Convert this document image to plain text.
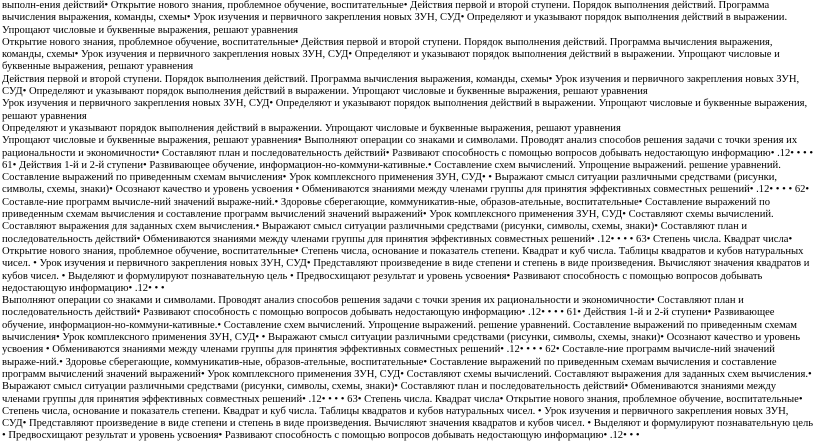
выполн-ения действий• Открытие нового знания, проблемное обучение, воспитательные• Действия первой и второй ступени. Порядок выполнения действий. Программа вычисления выражения, команды, схемы• Урок изучения и первичного закрепления новых ЗУН, СУД• Определяют и указывают порядок выполнения действий в выражении. Упрощают числовые и буквенные выражения, решают уравнения

Открытие нового знания, проблемное обучение, воспитательные• Действия первой и второй ступени. Порядок выполнения действий. Программа вычисления выражения, команды, схемы• Урок изучения и первичного закрепления новых ЗУН, СУД• Определяют и указывают порядок выполнения действий в выражении. Упрощают числовые и буквенные выражения, решают уравнения

Действия первой и второй ступени. Порядок выполнения действий. Программа вычисления выражения, команды, схемы• Урок изучения и первичного закрепления новых ЗУН, СУД• Определяют и указывают порядок выполнения действий в выражении. Упрощают числовые и буквенные выражения, решают уравнения

Урок изучения и первичного закрепления новых ЗУН, СУД• Определяют и указывают порядок выполнения действий в выражении. Упрощают числовые и буквенные выражения, решают уравнения

Определяют и указывают порядок выполнения действий в выражении. Упрощают числовые и буквенные выражения, решают уравнения

Упрощают числовые и буквенные выражения, решают уравнения• Выполняют операции со знаками и символами. Проводят анализ способов решения задачи с точки зрения их рациональности и экономичности• Составляют план и последовательность действий• Развивают способность с помощью вопросов добывать недостающую информацию• .12• • • • 61• Действия 1-й и 2-й ступени• Развивающее обучение, информацион-но-коммуни-кативные.• Составление схем вычислений. Упрощение выражений. решение уравнений. Составление выражений по приведенным схемам вычисления• Урок комплексного применения ЗУН, СУД• • Выражают смысл ситуации различными средствами (рисунки, символы, схемы, знаки)• Осознают качество и уровень усвоения • Обмениваются знаниями между членами группы для принятия эффективных совместных решений• .12• • • • 62• Составле-ние программ вычисле-ний значений выраже-ний.• Здоровье сберегающие, коммуникатив-ные, образов-ательные, воспитательные• Составление выражений по приведенным схемам вычисления и составление программ вычислений значений выражений• Урок комплексного применения ЗУН, СУД• Составляют схемы вычислений. Составляют выражения для заданных схем вычисления.• Выражают смысл ситуации различными средствами (рисунки, символы, схемы, знаки)• Составляют план и последовательность действий• Обмениваются знаниями между членами группы для принятия эффективных совместных решений• .12• • • • 63• Степень числа. Квадрат числа• Открытие нового знания, проблемное обучение, воспитательные• Степень числа, основание и показатель степени. Квадрат и куб числа. Таблицы квадратов и кубов натуральных чисел. • Урок изучения и первичного закрепления новых ЗУН, СУД• Представляют произведение в виде степени и степень в виде произведения. Вычисляют значения квадратов и кубов чисел. • Выделяют и формулируют познавательную цель • Предвосхищают результат и уровень усвоения• Развивают способность с помощью вопросов добывать недостающую информацию• .12• • •

Выполняют операции со знаками и символами. Проводят анализ способов решения задачи с точки зрения их рациональности и экономичности• Составляют план и последовательность действий• Развивают способность с помощью вопросов добывать недостающую информацию• .12• • • • 61• Действия 1-й и 2-й ступени• Развивающее обучение, информацион-но-коммуни-кативные.• Составление схем вычислений. Упрощение выражений. решение уравнений. Составление выражений по приведенным схемам вычисления• Урок комплексного применения ЗУН, СУД• • Выражают смысл ситуации различными средствами (рисунки, символы, схемы, знаки)• Осознают качество и уровень усвоения • Обмениваются знаниями между членами группы для принятия эффективных совместных решений• .12• • • • 62• Составле-ние программ вычисле-ний значений выраже-ний.• Здоровье сберегающие, коммуникатив-ные, образов-ательные, воспитательные• Составление выражений по приведенным схемам вычисления и составление программ вычислений значений выражений• Урок комплексного применения ЗУН, СУД• Составляют схемы вычислений. Составляют выражения для заданных схем вычисления.• Выражают смысл ситуации различными средствами (рисунки, символы, схемы, знаки)• Составляют план и последовательность действий• Обмениваются знаниями между членами группы для принятия эффективных совместных решений• .12• • • • 63• Степень числа. Квадрат числа• Открытие нового знания, проблемное обучение, воспитательные• Степень числа, основание и показатель степени. Квадрат и куб числа. Таблицы квадратов и кубов натуральных чисел. • Урок изучения и первичного закрепления новых ЗУН, СУД• Представляют произведение в виде степени и степень в виде произведения. Вычисляют значения квадратов и кубов чисел. • Выделяют и формулируют познавательную цель • Предвосхищают результат и уровень усвоения• Развивают способность с помощью вопросов добывать недостающую информацию• .12• • •
